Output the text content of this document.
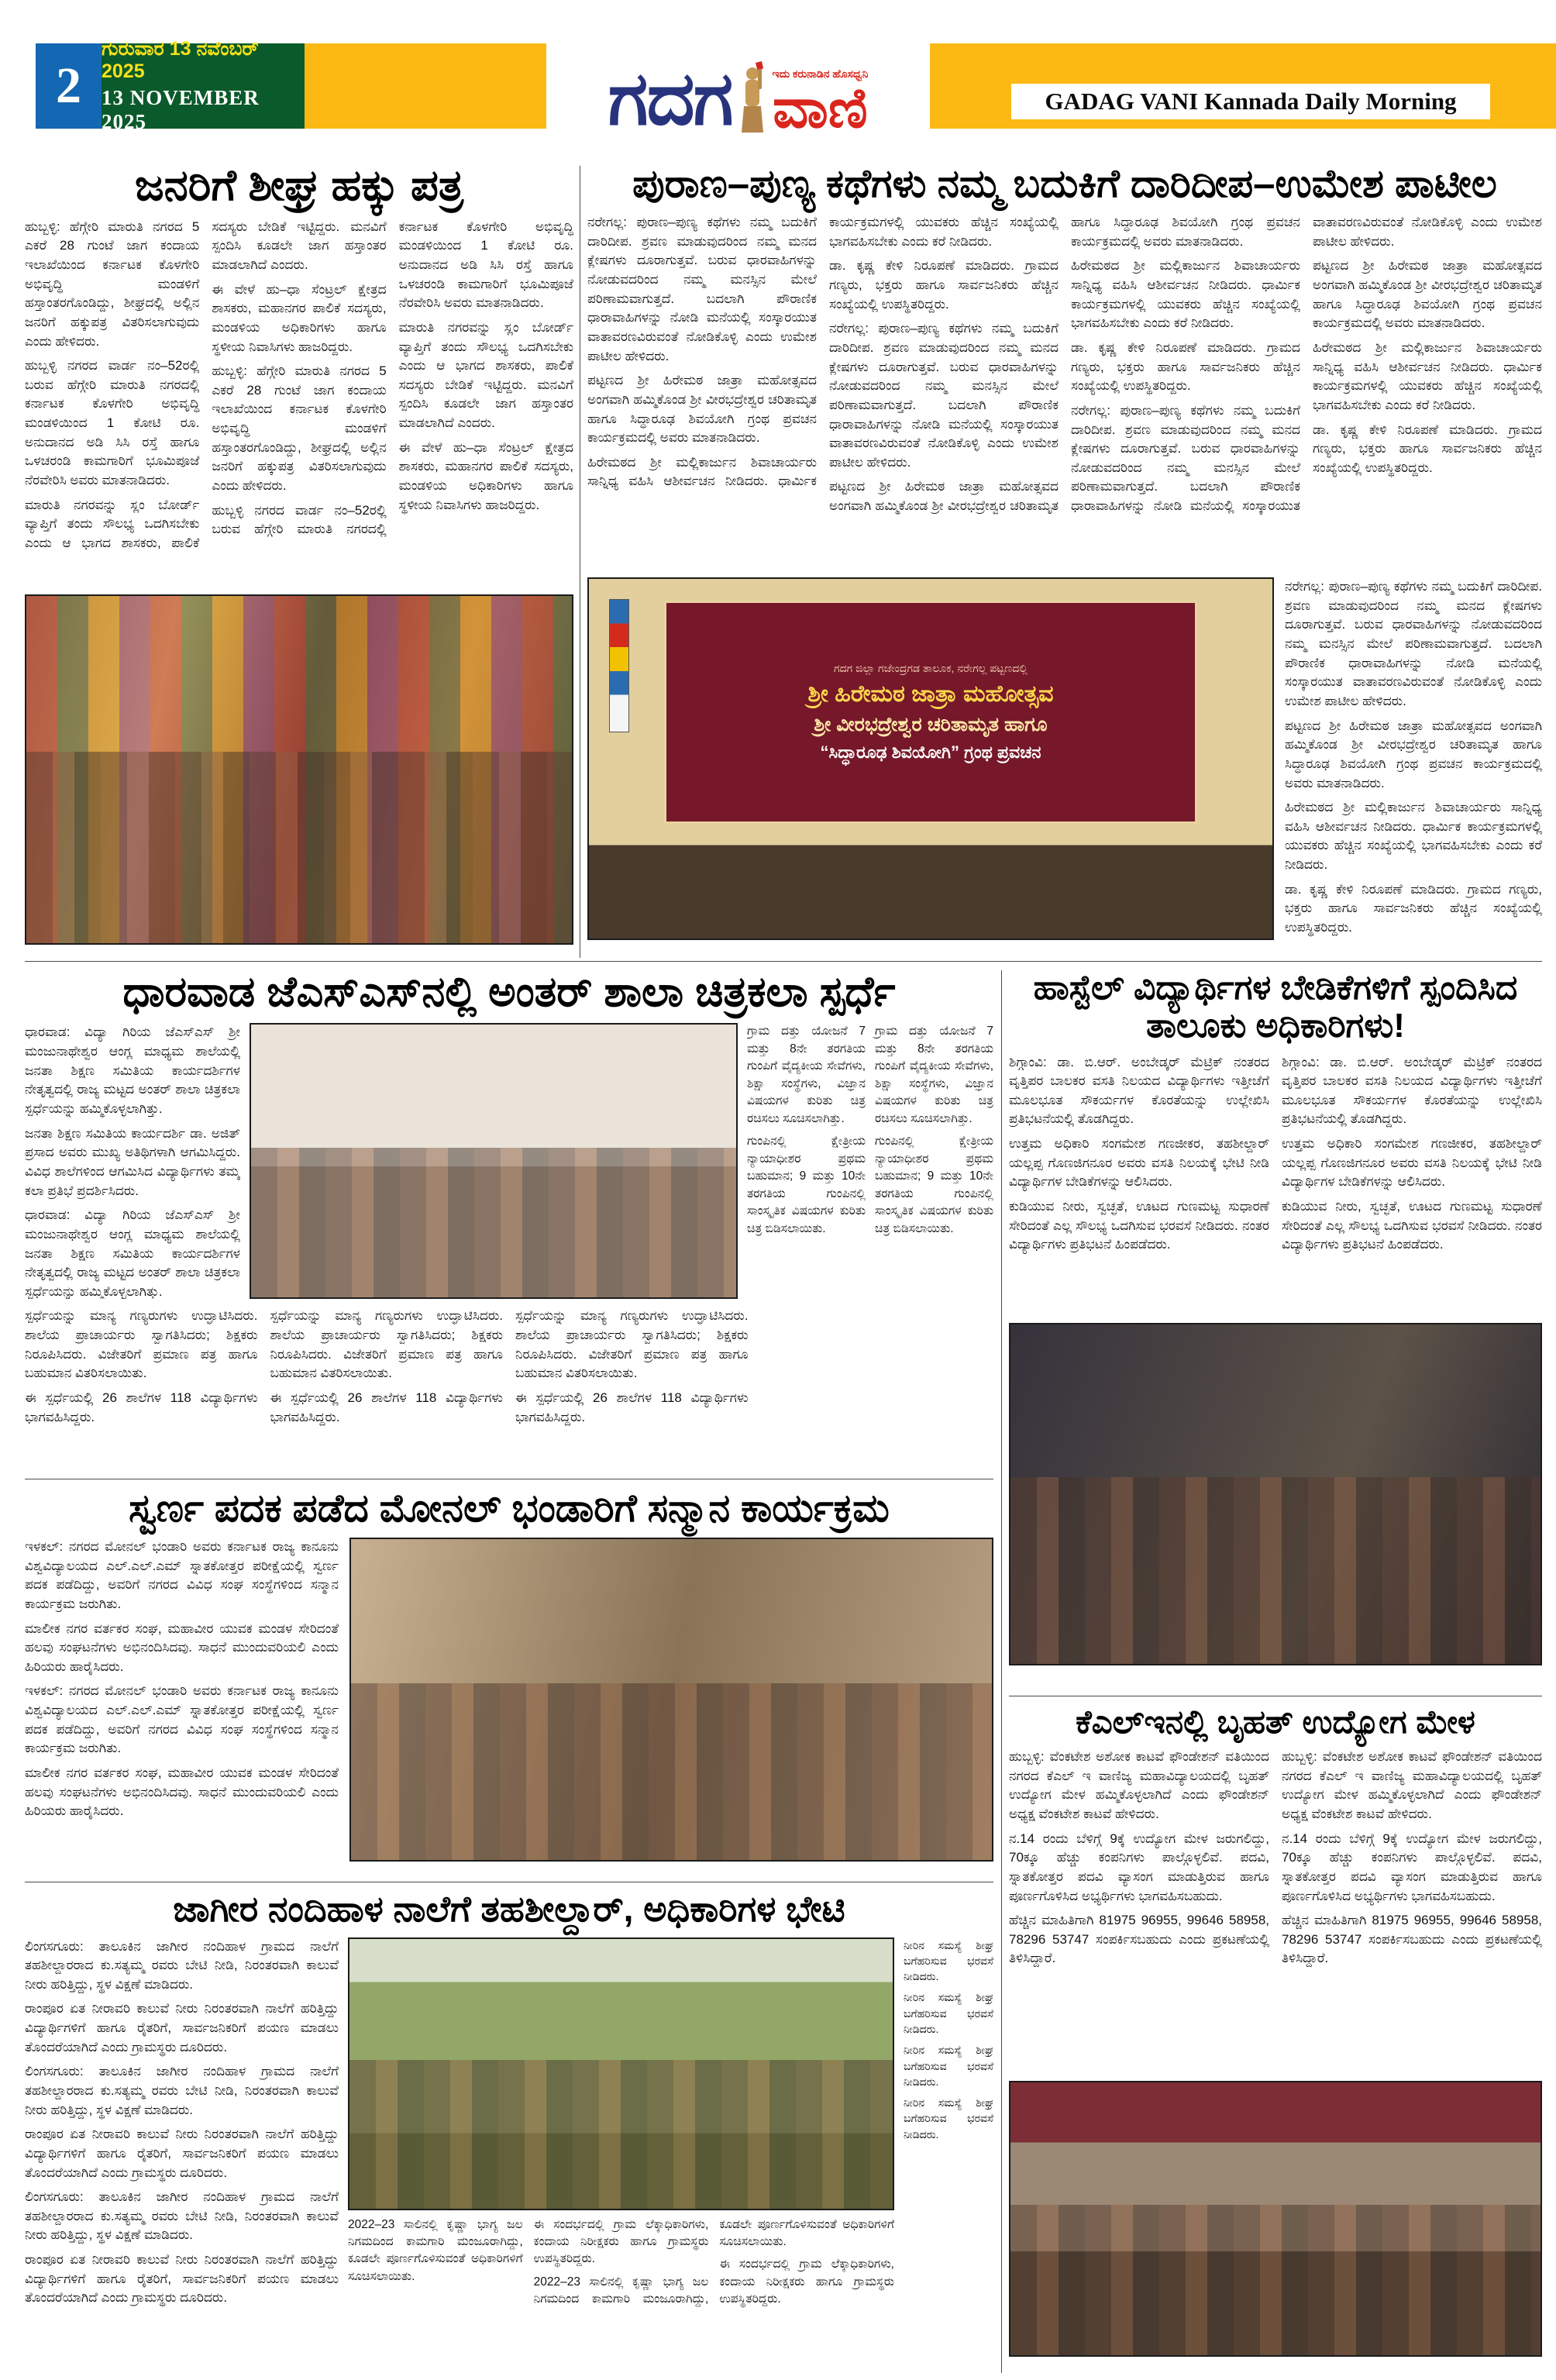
2
ಗುರುವಾರ 13 ನವೆಂಬರ್ 2025
13 NOVEMBER 2025	ಗದಗ	ಇದು ಕರುನಾಡಿನ ಹೊಸಧ್ವನಿ
ವಾಣಿ	GADAG VANI Kannada Daily Morning
ಜನರಿಗೆ ಶೀಘ್ರ ಹಕ್ಕು ಪತ್ರ

ಹುಬ್ಬಳ್ಳಿ: ಹೆಗ್ಗೇರಿ ಮಾರುತಿ ನಗರದ 5 ಎಕರೆ 28 ಗುಂಟೆ ಜಾಗ ಕಂದಾಯ ಇಲಾಖೆಯಿಂದ ಕರ್ನಾಟಕ ಕೊಳಗೇರಿ ಅಭಿವೃದ್ಧಿ ಮಂಡಳಿಗೆ ಹಸ್ತಾಂತರಗೊಂಡಿದ್ದು, ಶೀಘ್ರದಲ್ಲಿ ಅಲ್ಲಿನ ಜನರಿಗೆ ಹಕ್ಕುಪತ್ರ ವಿತರಿಸಲಾಗುವುದು ಎಂದು ಹೇಳಿದರು.

ಹುಬ್ಬಳ್ಳಿ ನಗರದ ವಾರ್ಡ ನಂ–52ರಲ್ಲಿ ಬರುವ ಹೆಗ್ಗೇರಿ ಮಾರುತಿ ನಗರದಲ್ಲಿ ಕರ್ನಾಟಕ ಕೊಳಗೇರಿ ಅಭಿವೃದ್ಧಿ ಮಂಡಳಿಯಿಂದ 1 ಕೋಟಿ ರೂ. ಅನುದಾನದ ಅಡಿ ಸಿಸಿ ರಸ್ತೆ ಹಾಗೂ ಒಳಚರಂಡಿ ಕಾಮಗಾರಿಗೆ ಭೂಮಿಪೂಜೆ ನೆರವೇರಿಸಿ ಅವರು ಮಾತನಾಡಿದರು.

ಮಾರುತಿ ನಗರವನ್ನು ಸ್ಲಂ ಬೋರ್ಡ್ ವ್ಯಾಪ್ತಿಗೆ ತಂದು ಸೌಲಭ್ಯ ಒದಗಿಸಬೇಕು ಎಂದು ಆ ಭಾಗದ ಶಾಸಕರು, ಪಾಲಿಕೆ ಸದಸ್ಯರು ಬೇಡಿಕೆ ಇಟ್ಟಿದ್ದರು. ಮನವಿಗೆ ಸ್ಪಂದಿಸಿ ಕೂಡಲೇ ಜಾಗ ಹಸ್ತಾಂತರ ಮಾಡಲಾಗಿದೆ ಎಂದರು.

ಈ ವೇಳೆ ಹು–ಧಾ ಸೆಂಟ್ರಲ್ ಕ್ಷೇತ್ರದ ಶಾಸಕರು, ಮಹಾನಗರ ಪಾಲಿಕೆ ಸದಸ್ಯರು, ಮಂಡಳಿಯ ಅಧಿಕಾರಿಗಳು ಹಾಗೂ ಸ್ಥಳೀಯ ನಿವಾಸಿಗಳು ಹಾಜರಿದ್ದರು.

ಹುಬ್ಬಳ್ಳಿ: ಹೆಗ್ಗೇರಿ ಮಾರುತಿ ನಗರದ 5 ಎಕರೆ 28 ಗುಂಟೆ ಜಾಗ ಕಂದಾಯ ಇಲಾಖೆಯಿಂದ ಕರ್ನಾಟಕ ಕೊಳಗೇರಿ ಅಭಿವೃದ್ಧಿ ಮಂಡಳಿಗೆ ಹಸ್ತಾಂತರಗೊಂಡಿದ್ದು, ಶೀಘ್ರದಲ್ಲಿ ಅಲ್ಲಿನ ಜನರಿಗೆ ಹಕ್ಕುಪತ್ರ ವಿತರಿಸಲಾಗುವುದು ಎಂದು ಹೇಳಿದರು.

ಹುಬ್ಬಳ್ಳಿ ನಗರದ ವಾರ್ಡ ನಂ–52ರಲ್ಲಿ ಬರುವ ಹೆಗ್ಗೇರಿ ಮಾರುತಿ ನಗರದಲ್ಲಿ ಕರ್ನಾಟಕ ಕೊಳಗೇರಿ ಅಭಿವೃದ್ಧಿ ಮಂಡಳಿಯಿಂದ 1 ಕೋಟಿ ರೂ. ಅನುದಾನದ ಅಡಿ ಸಿಸಿ ರಸ್ತೆ ಹಾಗೂ ಒಳಚರಂಡಿ ಕಾಮಗಾರಿಗೆ ಭೂಮಿಪೂಜೆ ನೆರವೇರಿಸಿ ಅವರು ಮಾತನಾಡಿದರು.

ಮಾರುತಿ ನಗರವನ್ನು ಸ್ಲಂ ಬೋರ್ಡ್ ವ್ಯಾಪ್ತಿಗೆ ತಂದು ಸೌಲಭ್ಯ ಒದಗಿಸಬೇಕು ಎಂದು ಆ ಭಾಗದ ಶಾಸಕರು, ಪಾಲಿಕೆ ಸದಸ್ಯರು ಬೇಡಿಕೆ ಇಟ್ಟಿದ್ದರು. ಮನವಿಗೆ ಸ್ಪಂದಿಸಿ ಕೂಡಲೇ ಜಾಗ ಹಸ್ತಾಂತರ ಮಾಡಲಾಗಿದೆ ಎಂದರು.

ಈ ವೇಳೆ ಹು–ಧಾ ಸೆಂಟ್ರಲ್ ಕ್ಷೇತ್ರದ ಶಾಸಕರು, ಮಹಾನಗರ ಪಾಲಿಕೆ ಸದಸ್ಯರು, ಮಂಡಳಿಯ ಅಧಿಕಾರಿಗಳು ಹಾಗೂ ಸ್ಥಳೀಯ ನಿವಾಸಿಗಳು ಹಾಜರಿದ್ದರು.

ಪುರಾಣ–ಪುಣ್ಯ ಕಥೆಗಳು ನಮ್ಮ ಬದುಕಿಗೆ ದಾರಿದೀಪ–ಉಮೇಶ ಪಾಟೀಲ

ನರೇಗಲ್ಲ: ಪುರಾಣ–ಪುಣ್ಯ ಕಥೆಗಳು ನಮ್ಮ ಬದುಕಿಗೆ ದಾರಿದೀಪ. ಶ್ರವಣ ಮಾಡುವುದರಿಂದ ನಮ್ಮ ಮನದ ಕ್ಲೇಷಗಳು ದೂರಾಗುತ್ತವೆ. ಬರುವ ಧಾರವಾಹಿಗಳನ್ನು ನೋಡುವದರಿಂದ ನಮ್ಮ ಮನಸ್ಸಿನ ಮೇಲೆ ಪರಿಣಾಮವಾಗುತ್ತದೆ. ಬದಲಾಗಿ ಪೌರಾಣಿಕ ಧಾರಾವಾಹಿಗಳನ್ನು ನೋಡಿ ಮನೆಯಲ್ಲಿ ಸಂಸ್ಕಾರಯುತ ವಾತಾವರಣವಿರುವಂತೆ ನೋಡಿಕೊಳ್ಳಿ ಎಂದು ಉಮೇಶ ಪಾಟೀಲ ಹೇಳಿದರು.

ಪಟ್ಟಣದ ಶ್ರೀ ಹಿರೇಮಠ ಜಾತ್ರಾ ಮಹೋತ್ಸವದ ಅಂಗವಾಗಿ ಹಮ್ಮಿಕೊಂಡ ಶ್ರೀ ವೀರಭದ್ರೇಶ್ವರ ಚರಿತಾಮೃತ ಹಾಗೂ ಸಿದ್ಧಾರೂಢ ಶಿವಯೋಗಿ ಗ್ರಂಥ ಪ್ರವಚನ ಕಾರ್ಯಕ್ರಮದಲ್ಲಿ ಅವರು ಮಾತನಾಡಿದರು.

ಹಿರೇಮಠದ ಶ್ರೀ ಮಲ್ಲಿಕಾರ್ಜುನ ಶಿವಾಚಾರ್ಯರು ಸಾನ್ನಿಧ್ಯ ವಹಿಸಿ ಆಶೀರ್ವಚನ ನೀಡಿದರು. ಧಾರ್ಮಿಕ ಕಾರ್ಯಕ್ರಮಗಳಲ್ಲಿ ಯುವಕರು ಹೆಚ್ಚಿನ ಸಂಖ್ಯೆಯಲ್ಲಿ ಭಾಗವಹಿಸಬೇಕು ಎಂದು ಕರೆ ನೀಡಿದರು.

ಡಾ. ಕೃಷ್ಣ ಕೇಳಿ ನಿರೂಪಣೆ ಮಾಡಿದರು. ಗ್ರಾಮದ ಗಣ್ಯರು, ಭಕ್ತರು ಹಾಗೂ ಸಾರ್ವಜನಿಕರು ಹೆಚ್ಚಿನ ಸಂಖ್ಯೆಯಲ್ಲಿ ಉಪಸ್ಥಿತರಿದ್ದರು.

ನರೇಗಲ್ಲ: ಪುರಾಣ–ಪುಣ್ಯ ಕಥೆಗಳು ನಮ್ಮ ಬದುಕಿಗೆ ದಾರಿದೀಪ. ಶ್ರವಣ ಮಾಡುವುದರಿಂದ ನಮ್ಮ ಮನದ ಕ್ಲೇಷಗಳು ದೂರಾಗುತ್ತವೆ. ಬರುವ ಧಾರವಾಹಿಗಳನ್ನು ನೋಡುವದರಿಂದ ನಮ್ಮ ಮನಸ್ಸಿನ ಮೇಲೆ ಪರಿಣಾಮವಾಗುತ್ತದೆ. ಬದಲಾಗಿ ಪೌರಾಣಿಕ ಧಾರಾವಾಹಿಗಳನ್ನು ನೋಡಿ ಮನೆಯಲ್ಲಿ ಸಂಸ್ಕಾರಯುತ ವಾತಾವರಣವಿರುವಂತೆ ನೋಡಿಕೊಳ್ಳಿ ಎಂದು ಉಮೇಶ ಪಾಟೀಲ ಹೇಳಿದರು.

ಪಟ್ಟಣದ ಶ್ರೀ ಹಿರೇಮಠ ಜಾತ್ರಾ ಮಹೋತ್ಸವದ ಅಂಗವಾಗಿ ಹಮ್ಮಿಕೊಂಡ ಶ್ರೀ ವೀರಭದ್ರೇಶ್ವರ ಚರಿತಾಮೃತ ಹಾಗೂ ಸಿದ್ಧಾರೂಢ ಶಿವಯೋಗಿ ಗ್ರಂಥ ಪ್ರವಚನ ಕಾರ್ಯಕ್ರಮದಲ್ಲಿ ಅವರು ಮಾತನಾಡಿದರು.

ಹಿರೇಮಠದ ಶ್ರೀ ಮಲ್ಲಿಕಾರ್ಜುನ ಶಿವಾಚಾರ್ಯರು ಸಾನ್ನಿಧ್ಯ ವಹಿಸಿ ಆಶೀರ್ವಚನ ನೀಡಿದರು. ಧಾರ್ಮಿಕ ಕಾರ್ಯಕ್ರಮಗಳಲ್ಲಿ ಯುವಕರು ಹೆಚ್ಚಿನ ಸಂಖ್ಯೆಯಲ್ಲಿ ಭಾಗವಹಿಸಬೇಕು ಎಂದು ಕರೆ ನೀಡಿದರು.

ಡಾ. ಕೃಷ್ಣ ಕೇಳಿ ನಿರೂಪಣೆ ಮಾಡಿದರು. ಗ್ರಾಮದ ಗಣ್ಯರು, ಭಕ್ತರು ಹಾಗೂ ಸಾರ್ವಜನಿಕರು ಹೆಚ್ಚಿನ ಸಂಖ್ಯೆಯಲ್ಲಿ ಉಪಸ್ಥಿತರಿದ್ದರು.

ನರೇಗಲ್ಲ: ಪುರಾಣ–ಪುಣ್ಯ ಕಥೆಗಳು ನಮ್ಮ ಬದುಕಿಗೆ ದಾರಿದೀಪ. ಶ್ರವಣ ಮಾಡುವುದರಿಂದ ನಮ್ಮ ಮನದ ಕ್ಲೇಷಗಳು ದೂರಾಗುತ್ತವೆ. ಬರುವ ಧಾರವಾಹಿಗಳನ್ನು ನೋಡುವದರಿಂದ ನಮ್ಮ ಮನಸ್ಸಿನ ಮೇಲೆ ಪರಿಣಾಮವಾಗುತ್ತದೆ. ಬದಲಾಗಿ ಪೌರಾಣಿಕ ಧಾರಾವಾಹಿಗಳನ್ನು ನೋಡಿ ಮನೆಯಲ್ಲಿ ಸಂಸ್ಕಾರಯುತ ವಾತಾವರಣವಿರುವಂತೆ ನೋಡಿಕೊಳ್ಳಿ ಎಂದು ಉಮೇಶ ಪಾಟೀಲ ಹೇಳಿದರು.

ಪಟ್ಟಣದ ಶ್ರೀ ಹಿರೇಮಠ ಜಾತ್ರಾ ಮಹೋತ್ಸವದ ಅಂಗವಾಗಿ ಹಮ್ಮಿಕೊಂಡ ಶ್ರೀ ವೀರಭದ್ರೇಶ್ವರ ಚರಿತಾಮೃತ ಹಾಗೂ ಸಿದ್ಧಾರೂಢ ಶಿವಯೋಗಿ ಗ್ರಂಥ ಪ್ರವಚನ ಕಾರ್ಯಕ್ರಮದಲ್ಲಿ ಅವರು ಮಾತನಾಡಿದರು.

ಹಿರೇಮಠದ ಶ್ರೀ ಮಲ್ಲಿಕಾರ್ಜುನ ಶಿವಾಚಾರ್ಯರು ಸಾನ್ನಿಧ್ಯ ವಹಿಸಿ ಆಶೀರ್ವಚನ ನೀಡಿದರು. ಧಾರ್ಮಿಕ ಕಾರ್ಯಕ್ರಮಗಳಲ್ಲಿ ಯುವಕರು ಹೆಚ್ಚಿನ ಸಂಖ್ಯೆಯಲ್ಲಿ ಭಾಗವಹಿಸಬೇಕು ಎಂದು ಕರೆ ನೀಡಿದರು.

ಡಾ. ಕೃಷ್ಣ ಕೇಳಿ ನಿರೂಪಣೆ ಮಾಡಿದರು. ಗ್ರಾಮದ ಗಣ್ಯರು, ಭಕ್ತರು ಹಾಗೂ ಸಾರ್ವಜನಿಕರು ಹೆಚ್ಚಿನ ಸಂಖ್ಯೆಯಲ್ಲಿ ಉಪಸ್ಥಿತರಿದ್ದರು.

ಗದಗ ಜಿಲ್ಲಾ ಗಜೇಂದ್ರಗಡ ತಾಲೂಕ, ನರೇಗಲ್ಲ ಪಟ್ಟಣದಲ್ಲಿ
ಶ್ರೀ ಹಿರೇಮಠ ಜಾತ್ರಾ ಮಹೋತ್ಸವ
ಶ್ರೀ ವೀರಭದ್ರೇಶ್ವರ ಚರಿತಾಮೃತ ಹಾಗೂ
“ಸಿದ್ಧಾರೂಢ ಶಿವಯೋಗಿ” ಗ್ರಂಥ ಪ್ರವಚನ

ನರೇಗಲ್ಲ: ಪುರಾಣ–ಪುಣ್ಯ ಕಥೆಗಳು ನಮ್ಮ ಬದುಕಿಗೆ ದಾರಿದೀಪ. ಶ್ರವಣ ಮಾಡುವುದರಿಂದ ನಮ್ಮ ಮನದ ಕ್ಲೇಷಗಳು ದೂರಾಗುತ್ತವೆ. ಬರುವ ಧಾರವಾಹಿಗಳನ್ನು ನೋಡುವದರಿಂದ ನಮ್ಮ ಮನಸ್ಸಿನ ಮೇಲೆ ಪರಿಣಾಮವಾಗುತ್ತದೆ. ಬದಲಾಗಿ ಪೌರಾಣಿಕ ಧಾರಾವಾಹಿಗಳನ್ನು ನೋಡಿ ಮನೆಯಲ್ಲಿ ಸಂಸ್ಕಾರಯುತ ವಾತಾವರಣವಿರುವಂತೆ ನೋಡಿಕೊಳ್ಳಿ ಎಂದು ಉಮೇಶ ಪಾಟೀಲ ಹೇಳಿದರು.

ಪಟ್ಟಣದ ಶ್ರೀ ಹಿರೇಮಠ ಜಾತ್ರಾ ಮಹೋತ್ಸವದ ಅಂಗವಾಗಿ ಹಮ್ಮಿಕೊಂಡ ಶ್ರೀ ವೀರಭದ್ರೇಶ್ವರ ಚರಿತಾಮೃತ ಹಾಗೂ ಸಿದ್ಧಾರೂಢ ಶಿವಯೋಗಿ ಗ್ರಂಥ ಪ್ರವಚನ ಕಾರ್ಯಕ್ರಮದಲ್ಲಿ ಅವರು ಮಾತನಾಡಿದರು.

ಹಿರೇಮಠದ ಶ್ರೀ ಮಲ್ಲಿಕಾರ್ಜುನ ಶಿವಾಚಾರ್ಯರು ಸಾನ್ನಿಧ್ಯ ವಹಿಸಿ ಆಶೀರ್ವಚನ ನೀಡಿದರು. ಧಾರ್ಮಿಕ ಕಾರ್ಯಕ್ರಮಗಳಲ್ಲಿ ಯುವಕರು ಹೆಚ್ಚಿನ ಸಂಖ್ಯೆಯಲ್ಲಿ ಭಾಗವಹಿಸಬೇಕು ಎಂದು ಕರೆ ನೀಡಿದರು.

ಡಾ. ಕೃಷ್ಣ ಕೇಳಿ ನಿರೂಪಣೆ ಮಾಡಿದರು. ಗ್ರಾಮದ ಗಣ್ಯರು, ಭಕ್ತರು ಹಾಗೂ ಸಾರ್ವಜನಿಕರು ಹೆಚ್ಚಿನ ಸಂಖ್ಯೆಯಲ್ಲಿ ಉಪಸ್ಥಿತರಿದ್ದರು.

ಧಾರವಾಡ ಜೆಎಸ್‌ಎಸ್‌ನಲ್ಲಿ ಅಂತರ್ ಶಾಲಾ ಚಿತ್ರಕಲಾ ಸ್ಪರ್ಧೆ

ಧಾರವಾಡ: ವಿದ್ಯಾ ಗಿರಿಯ ಜೆಎಸ್ಎಸ್ ಶ್ರೀ ಮಂಜುನಾಥೇಶ್ವರ ಆಂಗ್ಲ ಮಾಧ್ಯಮ ಶಾಲೆಯಲ್ಲಿ ಜನತಾ ಶಿಕ್ಷಣ ಸಮಿತಿಯ ಕಾರ್ಯದರ್ಶಿಗಳ ನೇತೃತ್ವದಲ್ಲಿ ರಾಜ್ಯ ಮಟ್ಟದ ಅಂತರ್ ಶಾಲಾ ಚಿತ್ರಕಲಾ ಸ್ಪರ್ಧೆಯನ್ನು ಹಮ್ಮಿಕೊಳ್ಳಲಾಗಿತ್ತು.

ಜನತಾ ಶಿಕ್ಷಣ ಸಮಿತಿಯ ಕಾರ್ಯದರ್ಶಿ ಡಾ. ಅಜಿತ್ ಪ್ರಸಾದ ಅವರು ಮುಖ್ಯ ಅತಿಥಿಗಳಾಗಿ ಆಗಮಿಸಿದ್ದರು. ವಿವಿಧ ಶಾಲೆಗಳಿಂದ ಆಗಮಿಸಿದ ವಿದ್ಯಾರ್ಥಿಗಳು ತಮ್ಮ ಕಲಾ ಪ್ರತಿಭೆ ಪ್ರದರ್ಶಿಸಿದರು.

ಧಾರವಾಡ: ವಿದ್ಯಾ ಗಿರಿಯ ಜೆಎಸ್ಎಸ್ ಶ್ರೀ ಮಂಜುನಾಥೇಶ್ವರ ಆಂಗ್ಲ ಮಾಧ್ಯಮ ಶಾಲೆಯಲ್ಲಿ ಜನತಾ ಶಿಕ್ಷಣ ಸಮಿತಿಯ ಕಾರ್ಯದರ್ಶಿಗಳ ನೇತೃತ್ವದಲ್ಲಿ ರಾಜ್ಯ ಮಟ್ಟದ ಅಂತರ್ ಶಾಲಾ ಚಿತ್ರಕಲಾ ಸ್ಪರ್ಧೆಯನ್ನು ಹಮ್ಮಿಕೊಳ್ಳಲಾಗಿತ್ತು.

ಗ್ರಾಮ ದತ್ತು ಯೋಜನೆ 7 ಮತ್ತು 8ನೇ ತರಗತಿಯ ಗುಂಪಿಗೆ ವೈದ್ಯಕೀಯ ಸೇವೆಗಳು, ಶಿಕ್ಷಾ ಸಂಸ್ಥೆಗಳು, ವಿಜ್ಞಾನ ವಿಷಯಗಳ ಕುರಿತು ಚಿತ್ರ ರಚಿಸಲು ಸೂಚಿಸಲಾಗಿತ್ತು.

ಗುಂಪಿನಲ್ಲಿ ಕ್ಷೇತ್ರೀಯ ನ್ಯಾಯಾಧೀಶರ ಪ್ರಥಮ ಬಹುಮಾನ; 9 ಮತ್ತು 10ನೇ ತರಗತಿಯ ಗುಂಪಿನಲ್ಲಿ ಸಾಂಸ್ಕೃತಿಕ ವಿಷಯಗಳ ಕುರಿತು ಚಿತ್ರ ಬಿಡಿಸಲಾಯಿತು.

ಗ್ರಾಮ ದತ್ತು ಯೋಜನೆ 7 ಮತ್ತು 8ನೇ ತರಗತಿಯ ಗುಂಪಿಗೆ ವೈದ್ಯಕೀಯ ಸೇವೆಗಳು, ಶಿಕ್ಷಾ ಸಂಸ್ಥೆಗಳು, ವಿಜ್ಞಾನ ವಿಷಯಗಳ ಕುರಿತು ಚಿತ್ರ ರಚಿಸಲು ಸೂಚಿಸಲಾಗಿತ್ತು.

ಗುಂಪಿನಲ್ಲಿ ಕ್ಷೇತ್ರೀಯ ನ್ಯಾಯಾಧೀಶರ ಪ್ರಥಮ ಬಹುಮಾನ; 9 ಮತ್ತು 10ನೇ ತರಗತಿಯ ಗುಂಪಿನಲ್ಲಿ ಸಾಂಸ್ಕೃತಿಕ ವಿಷಯಗಳ ಕುರಿತು ಚಿತ್ರ ಬಿಡಿಸಲಾಯಿತು.

ಸ್ಪರ್ಧೆಯನ್ನು ಮಾನ್ಯ ಗಣ್ಯರುಗಳು ಉದ್ಘಾಟಿಸಿದರು. ಶಾಲೆಯ ಪ್ರಾಚಾರ್ಯರು ಸ್ವಾಗತಿಸಿದರು; ಶಿಕ್ಷಕರು ನಿರೂಪಿಸಿದರು. ವಿಜೇತರಿಗೆ ಪ್ರಮಾಣ ಪತ್ರ ಹಾಗೂ ಬಹುಮಾನ ವಿತರಿಸಲಾಯಿತು.

ಈ ಸ್ಪರ್ಧೆಯಲ್ಲಿ 26 ಶಾಲೆಗಳ 118 ವಿದ್ಯಾರ್ಥಿಗಳು ಭಾಗವಹಿಸಿದ್ದರು.

ಸ್ಪರ್ಧೆಯನ್ನು ಮಾನ್ಯ ಗಣ್ಯರುಗಳು ಉದ್ಘಾಟಿಸಿದರು. ಶಾಲೆಯ ಪ್ರಾಚಾರ್ಯರು ಸ್ವಾಗತಿಸಿದರು; ಶಿಕ್ಷಕರು ನಿರೂಪಿಸಿದರು. ವಿಜೇತರಿಗೆ ಪ್ರಮಾಣ ಪತ್ರ ಹಾಗೂ ಬಹುಮಾನ ವಿತರಿಸಲಾಯಿತು.

ಈ ಸ್ಪರ್ಧೆಯಲ್ಲಿ 26 ಶಾಲೆಗಳ 118 ವಿದ್ಯಾರ್ಥಿಗಳು ಭಾಗವಹಿಸಿದ್ದರು.

ಸ್ಪರ್ಧೆಯನ್ನು ಮಾನ್ಯ ಗಣ್ಯರುಗಳು ಉದ್ಘಾಟಿಸಿದರು. ಶಾಲೆಯ ಪ್ರಾಚಾರ್ಯರು ಸ್ವಾಗತಿಸಿದರು; ಶಿಕ್ಷಕರು ನಿರೂಪಿಸಿದರು. ವಿಜೇತರಿಗೆ ಪ್ರಮಾಣ ಪತ್ರ ಹಾಗೂ ಬಹುಮಾನ ವಿತರಿಸಲಾಯಿತು.

ಈ ಸ್ಪರ್ಧೆಯಲ್ಲಿ 26 ಶಾಲೆಗಳ 118 ವಿದ್ಯಾರ್ಥಿಗಳು ಭಾಗವಹಿಸಿದ್ದರು.

ಹಾಸ್ಟೆಲ್ ವಿದ್ಯಾರ್ಥಿಗಳ ಬೇಡಿಕೆಗಳಿಗೆ ಸ್ಪಂದಿಸಿದ ತಾಲೂಕು ಅಧಿಕಾರಿಗಳು!

ಶಿಗ್ಗಾಂವಿ: ಡಾ. ಬಿ.ಆರ್. ಅಂಬೇಡ್ಕರ್ ಮೆಟ್ರಿಕ್ ನಂತರದ ವೃತ್ತಿಪರ ಬಾಲಕರ ವಸತಿ ನಿಲಯದ ವಿದ್ಯಾರ್ಥಿಗಳು ಇತ್ತೀಚೆಗೆ ಮೂಲಭೂತ ಸೌಕರ್ಯಗಳ ಕೊರತೆಯನ್ನು ಉಲ್ಲೇಖಿಸಿ ಪ್ರತಿಭಟನೆಯಲ್ಲಿ ತೊಡಗಿದ್ದರು.

ಉತ್ತಮ ಅಧಿಕಾರಿ ಸಂಗಮೇಶ ಗಣಜೀಕರ, ತಹಶೀಲ್ದಾರ್ ಯಲ್ಲಪ್ಪ ಗೊಣಜಿಗನೂರ ಅವರು ವಸತಿ ನಿಲಯಕ್ಕೆ ಭೇಟಿ ನೀಡಿ ವಿದ್ಯಾರ್ಥಿಗಳ ಬೇಡಿಕೆಗಳನ್ನು ಆಲಿಸಿದರು.

ಕುಡಿಯುವ ನೀರು, ಸ್ವಚ್ಛತೆ, ಊಟದ ಗುಣಮಟ್ಟ ಸುಧಾರಣೆ ಸೇರಿದಂತೆ ಎಲ್ಲ ಸೌಲಭ್ಯ ಒದಗಿಸುವ ಭರವಸೆ ನೀಡಿದರು. ನಂತರ ವಿದ್ಯಾರ್ಥಿಗಳು ಪ್ರತಿಭಟನೆ ಹಿಂಪಡೆದರು.

ಶಿಗ್ಗಾಂವಿ: ಡಾ. ಬಿ.ಆರ್. ಅಂಬೇಡ್ಕರ್ ಮೆಟ್ರಿಕ್ ನಂತರದ ವೃತ್ತಿಪರ ಬಾಲಕರ ವಸತಿ ನಿಲಯದ ವಿದ್ಯಾರ್ಥಿಗಳು ಇತ್ತೀಚೆಗೆ ಮೂಲಭೂತ ಸೌಕರ್ಯಗಳ ಕೊರತೆಯನ್ನು ಉಲ್ಲೇಖಿಸಿ ಪ್ರತಿಭಟನೆಯಲ್ಲಿ ತೊಡಗಿದ್ದರು.

ಉತ್ತಮ ಅಧಿಕಾರಿ ಸಂಗಮೇಶ ಗಣಜೀಕರ, ತಹಶೀಲ್ದಾರ್ ಯಲ್ಲಪ್ಪ ಗೊಣಜಿಗನೂರ ಅವರು ವಸತಿ ನಿಲಯಕ್ಕೆ ಭೇಟಿ ನೀಡಿ ವಿದ್ಯಾರ್ಥಿಗಳ ಬೇಡಿಕೆಗಳನ್ನು ಆಲಿಸಿದರು.

ಕುಡಿಯುವ ನೀರು, ಸ್ವಚ್ಛತೆ, ಊಟದ ಗುಣಮಟ್ಟ ಸುಧಾರಣೆ ಸೇರಿದಂತೆ ಎಲ್ಲ ಸೌಲಭ್ಯ ಒದಗಿಸುವ ಭರವಸೆ ನೀಡಿದರು. ನಂತರ ವಿದ್ಯಾರ್ಥಿಗಳು ಪ್ರತಿಭಟನೆ ಹಿಂಪಡೆದರು.

ಸ್ವರ್ಣ ಪದಕ ಪಡೆದ ಮೋನಲ್ ಭಂಡಾರಿಗೆ ಸನ್ಮಾನ ಕಾರ್ಯಕ್ರಮ

ಇಳಕಲ್: ನಗರದ ಮೋನಲ್ ಭಂಡಾರಿ ಅವರು ಕರ್ನಾಟಕ ರಾಜ್ಯ ಕಾನೂನು ವಿಶ್ವವಿದ್ಯಾಲಯದ ಎಲ್.ಎಲ್.ಎಮ್ ಸ್ನಾತಕೋತ್ತರ ಪರೀಕ್ಷೆಯಲ್ಲಿ ಸ್ವರ್ಣ ಪದಕ ಪಡೆದಿದ್ದು, ಅವರಿಗೆ ನಗರದ ವಿವಿಧ ಸಂಘ ಸಂಸ್ಥೆಗಳಿಂದ ಸನ್ಮಾನ ಕಾರ್ಯಕ್ರಮ ಜರುಗಿತು.

ಮಾಲೀಕ ನಗರ ವರ್ತಕರ ಸಂಘ, ಮಹಾವೀರ ಯುವಕ ಮಂಡಳ ಸೇರಿದಂತೆ ಹಲವು ಸಂಘಟನೆಗಳು ಅಭಿನಂದಿಸಿದವು. ಸಾಧನೆ ಮುಂದುವರಿಯಲಿ ಎಂದು ಹಿರಿಯರು ಹಾರೈಸಿದರು.

ಇಳಕಲ್: ನಗರದ ಮೋನಲ್ ಭಂಡಾರಿ ಅವರು ಕರ್ನಾಟಕ ರಾಜ್ಯ ಕಾನೂನು ವಿಶ್ವವಿದ್ಯಾಲಯದ ಎಲ್.ಎಲ್.ಎಮ್ ಸ್ನಾತಕೋತ್ತರ ಪರೀಕ್ಷೆಯಲ್ಲಿ ಸ್ವರ್ಣ ಪದಕ ಪಡೆದಿದ್ದು, ಅವರಿಗೆ ನಗರದ ವಿವಿಧ ಸಂಘ ಸಂಸ್ಥೆಗಳಿಂದ ಸನ್ಮಾನ ಕಾರ್ಯಕ್ರಮ ಜರುಗಿತು.

ಮಾಲೀಕ ನಗರ ವರ್ತಕರ ಸಂಘ, ಮಹಾವೀರ ಯುವಕ ಮಂಡಳ ಸೇರಿದಂತೆ ಹಲವು ಸಂಘಟನೆಗಳು ಅಭಿನಂದಿಸಿದವು. ಸಾಧನೆ ಮುಂದುವರಿಯಲಿ ಎಂದು ಹಿರಿಯರು ಹಾರೈಸಿದರು.

ಜಾಗೀರ ನಂದಿಹಾಳ ನಾಲೆಗೆ ತಹಶೀಲ್ದಾರ್, ಅಧಿಕಾರಿಗಳ ಭೇಟಿ

ಲಿಂಗಸಗೂರು: ತಾಲೂಕಿನ ಜಾಗೀರ ನಂದಿಹಾಳ ಗ್ರಾಮದ ನಾಲೆಗೆ ತಹಶೀಲ್ದಾರರಾದ ಕು.ಸತ್ಯಮ್ಮ ರವರು ಬೇಟಿ ನೀಡಿ, ನಿರಂತರವಾಗಿ ಕಾಲುವೆ ನೀರು ಹರಿತ್ತಿದ್ದು, ಸ್ಥಳ ವಿಕ್ಷಣೆ ಮಾಡಿದರು.

ರಾಂಪೂರ ಏತ ನೀರಾವರಿ ಕಾಲುವೆ ನೀರು ನಿರಂತರವಾಗಿ ನಾಲೆಗೆ ಹರಿತ್ತಿದ್ದು ವಿದ್ಯಾರ್ಥಿಗಳಿಗೆ ಹಾಗೂ ರೈತರಿಗೆ, ಸಾರ್ವಜನಿಕರಿಗೆ ಪಯಣ ಮಾಡಲು ತೊಂದರೆಯಾಗಿದೆ ಎಂದು ಗ್ರಾಮಸ್ಥರು ದೂರಿದರು.

ಲಿಂಗಸಗೂರು: ತಾಲೂಕಿನ ಜಾಗೀರ ನಂದಿಹಾಳ ಗ್ರಾಮದ ನಾಲೆಗೆ ತಹಶೀಲ್ದಾರರಾದ ಕು.ಸತ್ಯಮ್ಮ ರವರು ಬೇಟಿ ನೀಡಿ, ನಿರಂತರವಾಗಿ ಕಾಲುವೆ ನೀರು ಹರಿತ್ತಿದ್ದು, ಸ್ಥಳ ವಿಕ್ಷಣೆ ಮಾಡಿದರು.

ರಾಂಪೂರ ಏತ ನೀರಾವರಿ ಕಾಲುವೆ ನೀರು ನಿರಂತರವಾಗಿ ನಾಲೆಗೆ ಹರಿತ್ತಿದ್ದು ವಿದ್ಯಾರ್ಥಿಗಳಿಗೆ ಹಾಗೂ ರೈತರಿಗೆ, ಸಾರ್ವಜನಿಕರಿಗೆ ಪಯಣ ಮಾಡಲು ತೊಂದರೆಯಾಗಿದೆ ಎಂದು ಗ್ರಾಮಸ್ಥರು ದೂರಿದರು.

ಲಿಂಗಸಗೂರು: ತಾಲೂಕಿನ ಜಾಗೀರ ನಂದಿಹಾಳ ಗ್ರಾಮದ ನಾಲೆಗೆ ತಹಶೀಲ್ದಾರರಾದ ಕು.ಸತ್ಯಮ್ಮ ರವರು ಬೇಟಿ ನೀಡಿ, ನಿರಂತರವಾಗಿ ಕಾಲುವೆ ನೀರು ಹರಿತ್ತಿದ್ದು, ಸ್ಥಳ ವಿಕ್ಷಣೆ ಮಾಡಿದರು.

ರಾಂಪೂರ ಏತ ನೀರಾವರಿ ಕಾಲುವೆ ನೀರು ನಿರಂತರವಾಗಿ ನಾಲೆಗೆ ಹರಿತ್ತಿದ್ದು ವಿದ್ಯಾರ್ಥಿಗಳಿಗೆ ಹಾಗೂ ರೈತರಿಗೆ, ಸಾರ್ವಜನಿಕರಿಗೆ ಪಯಣ ಮಾಡಲು ತೊಂದರೆಯಾಗಿದೆ ಎಂದು ಗ್ರಾಮಸ್ಥರು ದೂರಿದರು.

2022–23 ಸಾಲಿನಲ್ಲಿ ಕೃಷ್ಣಾ ಭಾಗ್ಯ ಜಲ ನಿಗಮದಿಂದ ಕಾಮಗಾರಿ ಮಂಜೂರಾಗಿದ್ದು, ಕೂಡಲೇ ಪೂರ್ಣಗೊಳಿಸುವಂತೆ ಅಧಿಕಾರಿಗಳಿಗೆ ಸೂಚಿಸಲಾಯಿತು.

ಈ ಸಂದರ್ಭದಲ್ಲಿ ಗ್ರಾಮ ಲೆಕ್ಕಾಧಿಕಾರಿಗಳು, ಕಂದಾಯ ನಿರೀಕ್ಷಕರು ಹಾಗೂ ಗ್ರಾಮಸ್ಥರು ಉಪಸ್ಥಿತರಿದ್ದರು.

2022–23 ಸಾಲಿನಲ್ಲಿ ಕೃಷ್ಣಾ ಭಾಗ್ಯ ಜಲ ನಿಗಮದಿಂದ ಕಾಮಗಾರಿ ಮಂಜೂರಾಗಿದ್ದು, ಕೂಡಲೇ ಪೂರ್ಣಗೊಳಿಸುವಂತೆ ಅಧಿಕಾರಿಗಳಿಗೆ ಸೂಚಿಸಲಾಯಿತು.

ಈ ಸಂದರ್ಭದಲ್ಲಿ ಗ್ರಾಮ ಲೆಕ್ಕಾಧಿಕಾರಿಗಳು, ಕಂದಾಯ ನಿರೀಕ್ಷಕರು ಹಾಗೂ ಗ್ರಾಮಸ್ಥರು ಉಪಸ್ಥಿತರಿದ್ದರು.

ನೀರಿನ ಸಮಸ್ಯೆ ಶೀಘ್ರ ಬಗೆಹರಿಸುವ ಭರವಸೆ ನೀಡಿದರು.

ನೀರಿನ ಸಮಸ್ಯೆ ಶೀಘ್ರ ಬಗೆಹರಿಸುವ ಭರವಸೆ ನೀಡಿದರು.

ನೀರಿನ ಸಮಸ್ಯೆ ಶೀಘ್ರ ಬಗೆಹರಿಸುವ ಭರವಸೆ ನೀಡಿದರು.

ನೀರಿನ ಸಮಸ್ಯೆ ಶೀಘ್ರ ಬಗೆಹರಿಸುವ ಭರವಸೆ ನೀಡಿದರು.

ಕೆಎಲ್‌ಇನಲ್ಲಿ ಬೃಹತ್ ಉದ್ಯೋಗ ಮೇಳ

ಹುಬ್ಬಳ್ಳಿ: ವೆಂಕಟೇಶ ಅಶೋಕ ಕಾಟವೆ ಫೌಂಡೇಶನ್ ವತಿಯಿಂದ ನಗರದ ಕೆಎಲ್ ಇ ವಾಣಿಜ್ಯ ಮಹಾವಿದ್ಯಾಲಯದಲ್ಲಿ ಬೃಹತ್ ಉದ್ಯೋಗ ಮೇಳ ಹಮ್ಮಿಕೊಳ್ಳಲಾಗಿದೆ ಎಂದು ಫೌಂಡೇಶನ್ ಅಧ್ಯಕ್ಷ ವೆಂಕಟೇಶ ಕಾಟವೆ ಹೇಳಿದರು.

ನ.14 ರಂದು ಬೆಳಿಗ್ಗೆ 9ಕ್ಕೆ ಉದ್ಯೋಗ ಮೇಳ ಜರುಗಲಿದ್ದು, 70ಕ್ಕೂ ಹೆಚ್ಚು ಕಂಪನಿಗಳು ಪಾಲ್ಗೊಳ್ಳಲಿವೆ. ಪದವಿ, ಸ್ನಾತಕೋತ್ತರ ಪದವಿ ವ್ಯಾಸಂಗ ಮಾಡುತ್ತಿರುವ ಹಾಗೂ ಪೂರ್ಣಗೊಳಿಸಿದ ಅಭ್ಯರ್ಥಿಗಳು ಭಾಗವಹಿಸಬಹುದು.

ಹೆಚ್ಚಿನ ಮಾಹಿತಿಗಾಗಿ 81975 96955, 99646 58958, 78296 53747 ಸಂಪರ್ಕಿಸಬಹುದು ಎಂದು ಪ್ರಕಟಣೆಯಲ್ಲಿ ತಿಳಿಸಿದ್ದಾರೆ.

ಹುಬ್ಬಳ್ಳಿ: ವೆಂಕಟೇಶ ಅಶೋಕ ಕಾಟವೆ ಫೌಂಡೇಶನ್ ವತಿಯಿಂದ ನಗರದ ಕೆಎಲ್ ಇ ವಾಣಿಜ್ಯ ಮಹಾವಿದ್ಯಾಲಯದಲ್ಲಿ ಬೃಹತ್ ಉದ್ಯೋಗ ಮೇಳ ಹಮ್ಮಿಕೊಳ್ಳಲಾಗಿದೆ ಎಂದು ಫೌಂಡೇಶನ್ ಅಧ್ಯಕ್ಷ ವೆಂಕಟೇಶ ಕಾಟವೆ ಹೇಳಿದರು.

ನ.14 ರಂದು ಬೆಳಿಗ್ಗೆ 9ಕ್ಕೆ ಉದ್ಯೋಗ ಮೇಳ ಜರುಗಲಿದ್ದು, 70ಕ್ಕೂ ಹೆಚ್ಚು ಕಂಪನಿಗಳು ಪಾಲ್ಗೊಳ್ಳಲಿವೆ. ಪದವಿ, ಸ್ನಾತಕೋತ್ತರ ಪದವಿ ವ್ಯಾಸಂಗ ಮಾಡುತ್ತಿರುವ ಹಾಗೂ ಪೂರ್ಣಗೊಳಿಸಿದ ಅಭ್ಯರ್ಥಿಗಳು ಭಾಗವಹಿಸಬಹುದು.

ಹೆಚ್ಚಿನ ಮಾಹಿತಿಗಾಗಿ 81975 96955, 99646 58958, 78296 53747 ಸಂಪರ್ಕಿಸಬಹುದು ಎಂದು ಪ್ರಕಟಣೆಯಲ್ಲಿ ತಿಳಿಸಿದ್ದಾರೆ.
